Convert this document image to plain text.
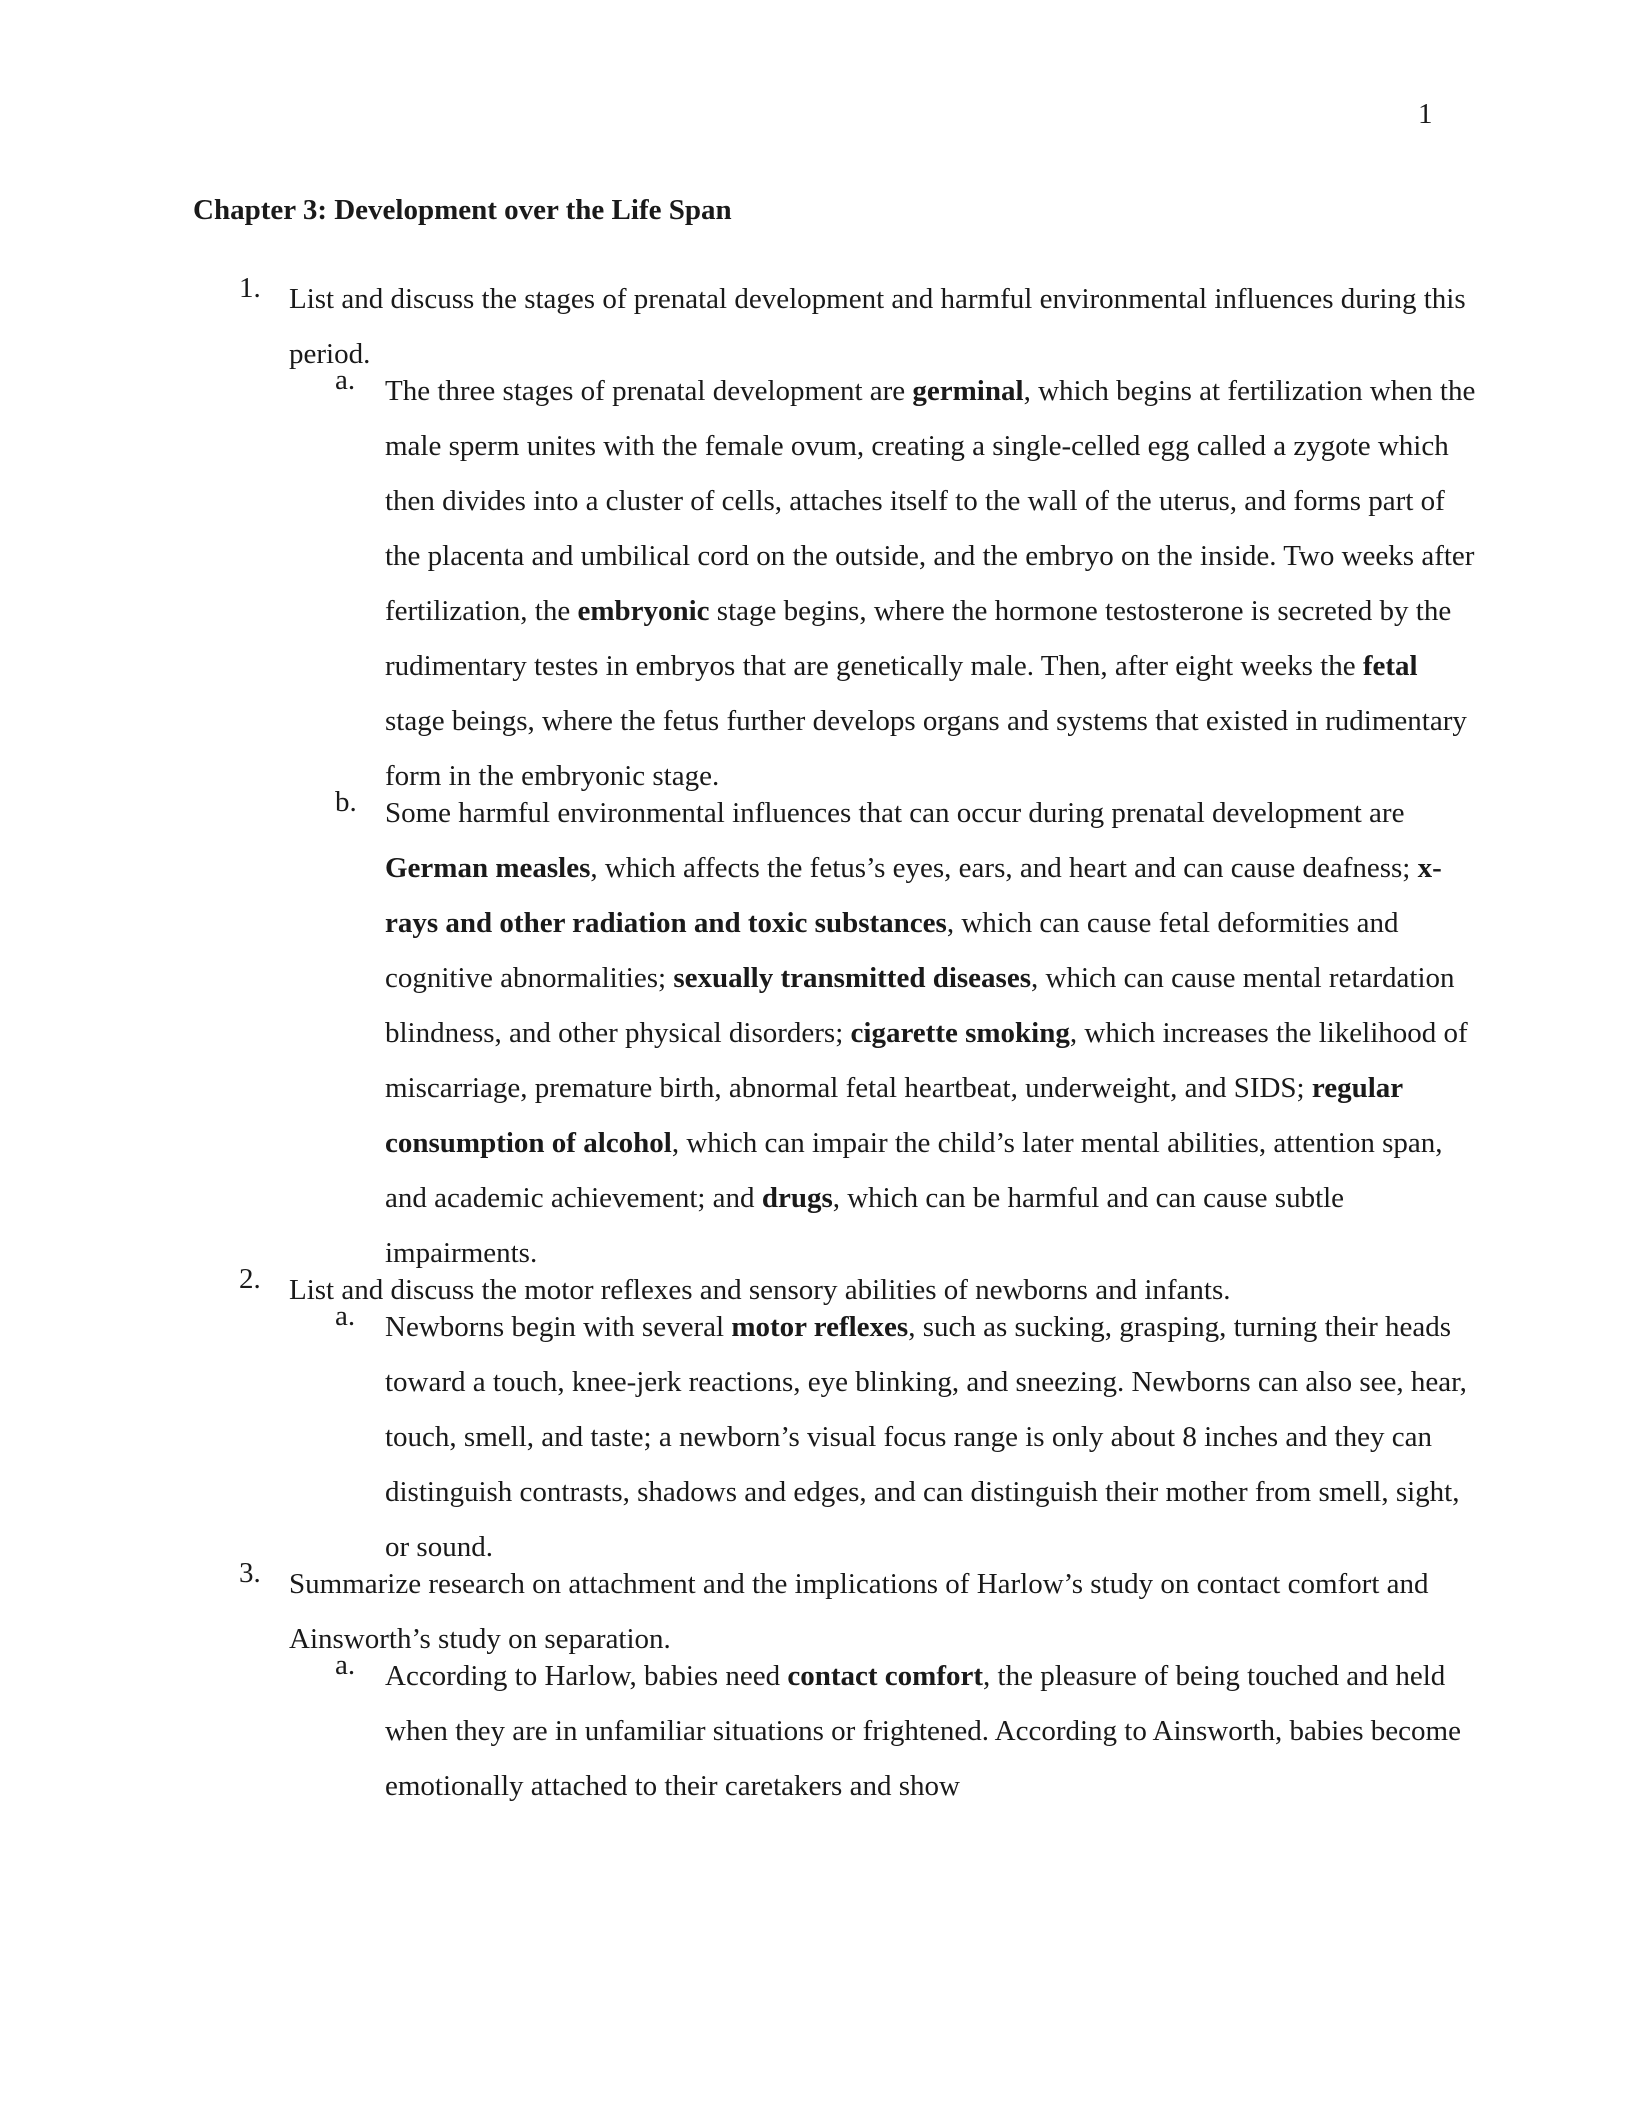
1
Chapter 3: Development over the Life Span
1. List and discuss the stages of prenatal development and harmful environmental influences during this period.
a.	The three stages of prenatal development are germinal, which begins at fertilization when the male sperm unites with the female ovum, creating a single-celled egg called a zygote which then divides into a cluster of cells, attaches itself to the wall of the uterus, and forms part of the placenta and umbilical cord on the outside, and the embryo on the inside. Two weeks after fertilization, the embryonic stage begins, where the hormone testosterone is secreted by the rudimentary testes in embryos that are genetically male. Then, after eight weeks the fetal stage beings, where the fetus further develops organs and systems that existed in rudimentary form in the embryonic stage.
b. Some harmful environmental influences that can occur during prenatal development are German measles, which affects the fetus’s eyes, ears, and heart and can cause deafness; x-rays and other radiation and toxic substances, which can cause fetal deformities and cognitive abnormalities; sexually transmitted diseases, which can cause mental retardation blindness, and other physical disorders; cigarette smoking, which increases the likelihood of miscarriage, premature birth, abnormal fetal heartbeat, underweight, and SIDS; regular consumption of alcohol, which can impair the child’s later mental abilities, attention span, and academic achievement; and drugs, which can be harmful and can cause subtle impairments.
2. List and discuss the motor reflexes and sensory abilities of newborns and infants.
a.	Newborns begin with several motor reflexes, such as sucking, grasping, turning their heads toward a touch, knee-jerk reactions, eye blinking, and sneezing. Newborns can also see, hear, touch, smell, and taste; a newborn’s visual focus range is only about 8 inches and they can distinguish contrasts, shadows and edges, and can distinguish their mother from smell, sight, or sound.
3. Summarize research on attachment and the implications of Harlow’s study on contact comfort and Ainsworth’s study on separation.
a.	According to Harlow, babies need contact comfort, the pleasure of being touched and held when they are in unfamiliar situations or frightened. According to Ainsworth, babies become emotionally attached to their caretakers and show
